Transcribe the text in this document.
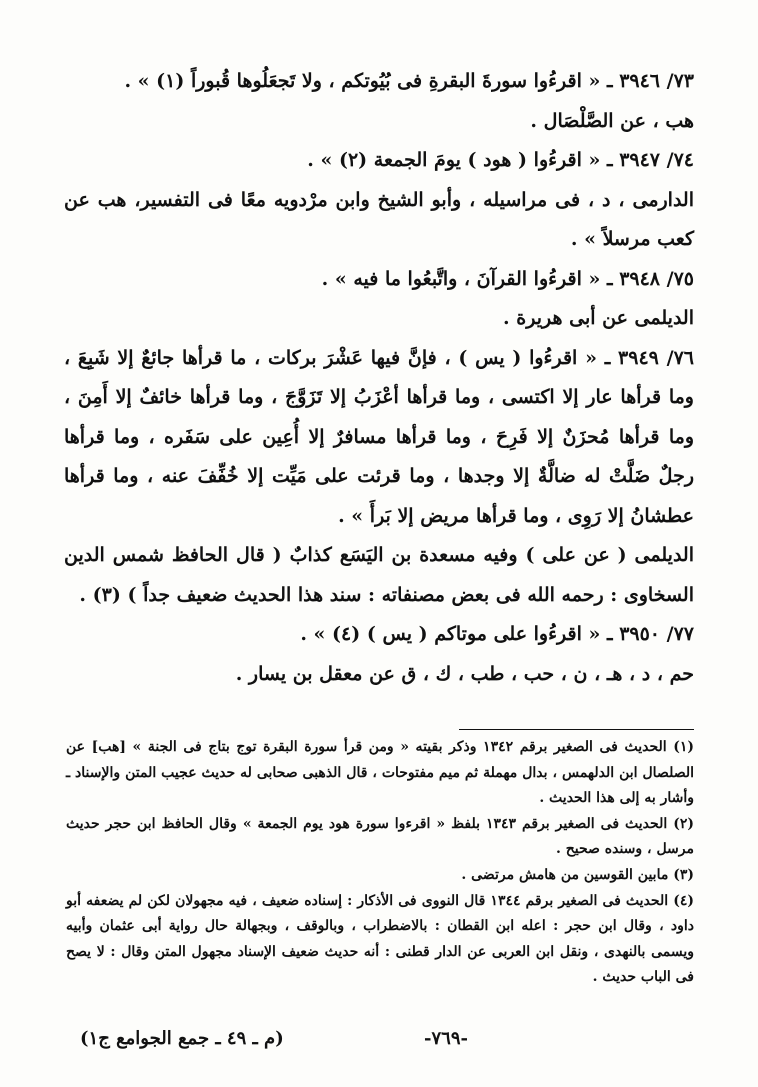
٧٣/ ٣٩٤٦ ـ « اقرءُوا سورةَ البقرةِ فى بُيُوتكم ، ولا تَجعَلُوها قُبوراً (١) » .

هب ، عن الصَّلْصَال .

٧٤/ ٣٩٤٧ ـ « اقرءُوا ( هود ) يومَ الجمعة (٢) » .

الدارمى ، د ، فى مراسيله ، وأبو الشيخ وابن مرْدويه معًا فى التفسير، هب عن كعب مرسلاً » .

٧٥/ ٣٩٤٨ ـ « اقرءُوا القرآنَ ، واتَّبعُوا ما فيه » .

الديلمى عن أبى هريرة .

٧٦/ ٣٩٤٩ ـ « اقرءُوا ( يس ) ، فإنَّ فيها عَشْرَ بركات ، ما قرأها جائعٌ إلا شَبِعَ ، وما قرأها عار إلا اكتسى ، وما قرأها أعْزَبُ إلا تَزَوَّجَ ، وما قرأها خائفٌ إلا أَمِنَ ، وما قرأها مُحزَنٌ إلا فَرِحَ ، وما قرأها مسافرٌ إلا أُعِين على سَفَره ، وما قرأها رجلٌ ضَلَّتْ له ضالَّةٌ إلا وجدها ، وما قرئت على مَيِّت إلا خُفِّفَ عنه ، وما قرأها عطشانُ إلا رَوِى ، وما قرأها مريض إلا بَرأَ » .

الديلمى ( عن على ) وفيه مسعدة بن اليَسَع كذابٌ ( قال الحافظ شمس الدين السخاوى : رحمه الله فى بعض مصنفاته : سند هذا الحديث ضعيف جداً ) (٣) .

٧٧/ ٣٩٥٠ ـ « اقرءُوا على موتاكم ( يس ) (٤) » .

حم ، د ، هـ ، ن ، حب ، طب ، ك ، ق عن معقل بن يسار .

(١) الحديث فى الصغير برقم ١٣٤٢ وذكر بقيته « ومن قرأ سورة البقرة توج بتاج فى الجنة » [هب] عن الصلصال ابن الدلهمس ، بدال مهملة ثم ميم مفتوحات ، قال الذهبى صحابى له حديث عجيب المتن والإسناد ـ وأشار به إلى هذا الحديث .

(٢) الحديث فى الصغير برقم ١٣٤٣ بلفظ « اقرءوا سورة هود يوم الجمعة » وقال الحافظ ابن حجر حديث مرسل ، وسنده صحيح .

(٣) مابين القوسين من هامش مرتضى .

(٤) الحديث فى الصغير برقم ١٣٤٤ قال النووى فى الأذكار : إسناده ضعيف ، فيه مجهولان لكن لم يضعفه أبو داود ، وقال ابن حجر : اعله ابن القطان : بالاضطراب ، وبالوقف ، وبجهالة حال رواية أبى عثمان وأبيه ويسمى بالنهدى ، ونقل ابن العربى عن الدار قطنى : أنه حديث ضعيف الإسناد مجهول المتن وقال : لا يصح فى الباب حديث .

(م ـ ٤٩ ـ جمع الجوامع ج١)	-٧٦٩-
